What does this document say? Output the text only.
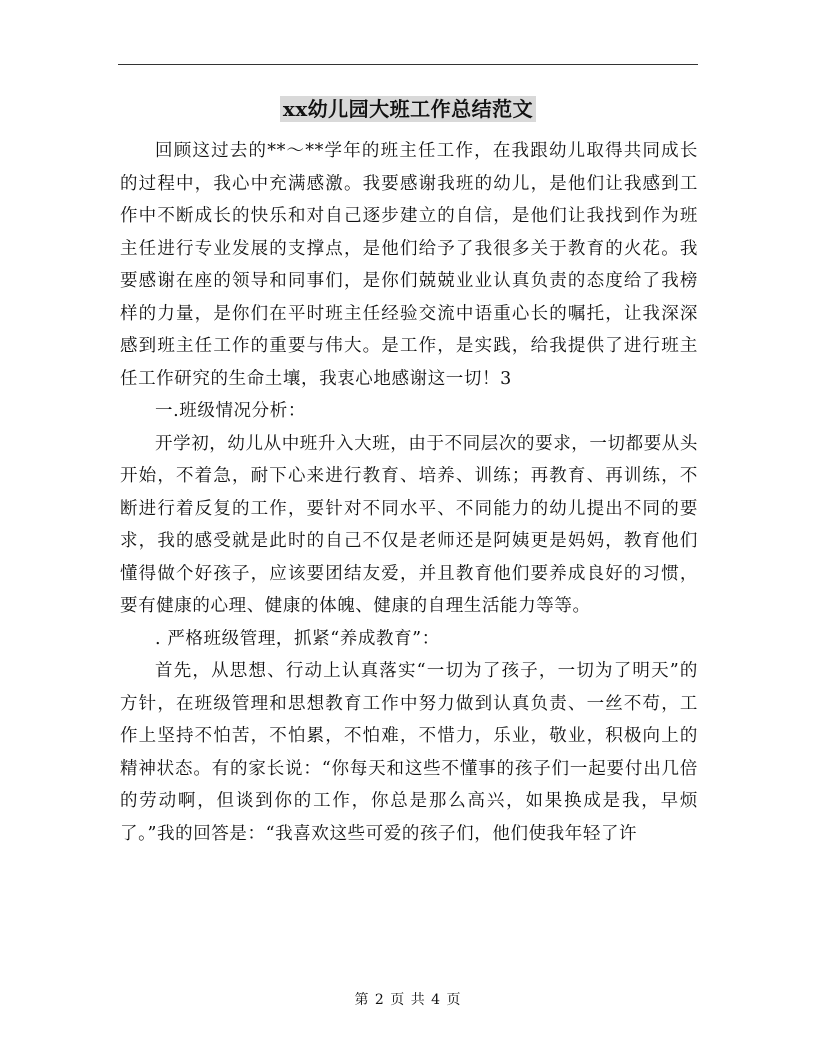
xx幼儿园大班工作总结范文

回顾这过去的**～**学年的班主任工作，在我跟幼儿取得共同成长的过程中，我心中充满感激。我要感谢我班的幼儿，是他们让我感到工作中不断成长的快乐和对自己逐步建立的自信，是他们让我找到作为班主任进行专业发展的支撑点，是他们给予了我很多关于教育的火花。我要感谢在座的领导和同事们，是你们兢兢业业认真负责的态度给了我榜样的力量，是你们在平时班主任经验交流中语重心长的嘱托，让我深深感到班主任工作的重要与伟大。是工作，是实践，给我提供了进行班主任工作研究的生命土壤，我衷心地感谢这一切！3

一.班级情况分析：

开学初，幼儿从中班升入大班，由于不同层次的要求，一切都要从头开始，不着急，耐下心来进行教育、培养、训练；再教育、再训练，不断进行着反复的工作，要针对不同水平、不同能力的幼儿提出不同的要求，我的感受就是此时的自己不仅是老师还是阿姨更是妈妈，教育他们懂得做个好孩子，应该要团结友爱，并且教育他们要养成良好的习惯，要有健康的心理、健康的体魄、健康的自理生活能力等等。

. 严格班级管理，抓紧“养成教育”：

首先，从思想、行动上认真落实“一切为了孩子，一切为了明天”的方针，在班级管理和思想教育工作中努力做到认真负责、一丝不苟，工作上坚持不怕苦，不怕累，不怕难，不惜力，乐业，敬业，积极向上的精神状态。有的家长说：“你每天和这些不懂事的孩子们一起要付出几倍的劳动啊，但谈到你的工作，你总是那么高兴，如果换成是我，早烦了。”我的回答是：“我喜欢这些可爱的孩子们，他们使我年轻了许

第 2 页 共 4 页
